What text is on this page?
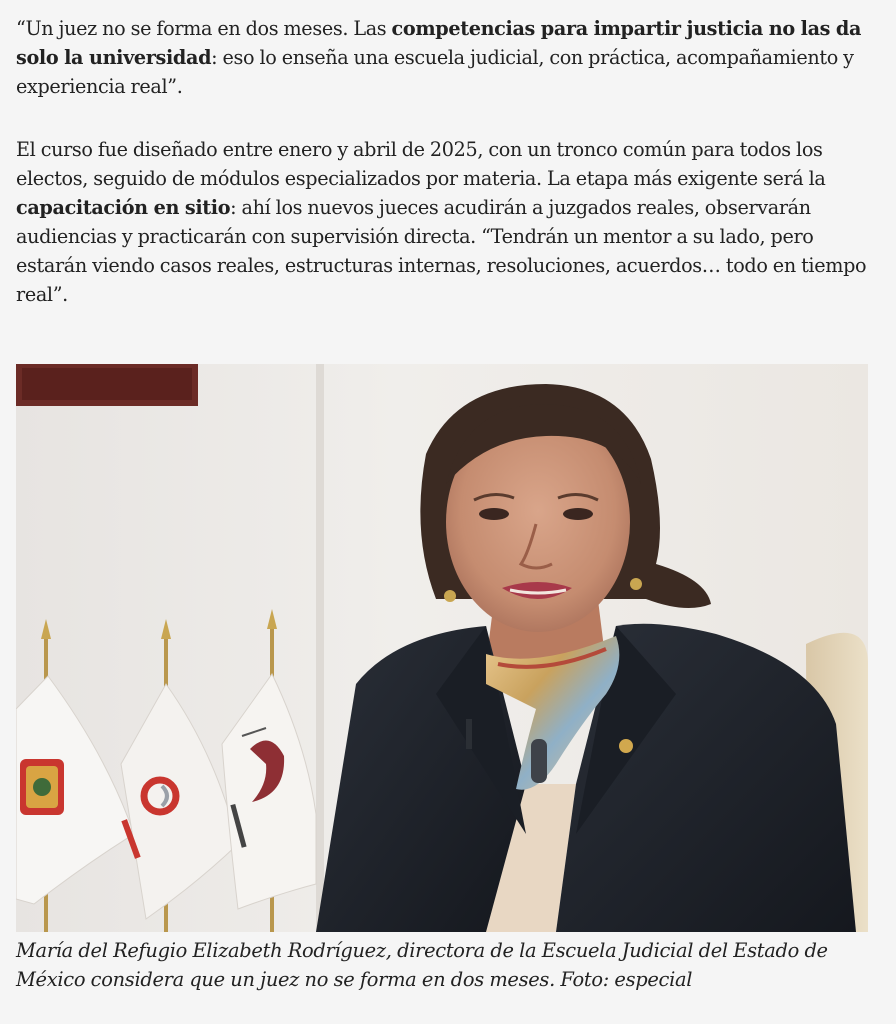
“Un juez no se forma en dos meses. Las competencias para impartir justicia no las da solo la universidad: eso lo enseña una escuela judicial, con práctica, acompañamiento y experiencia real”.

El curso fue diseñado entre enero y abril de 2025, con un tronco común para todos los electos, seguido de módulos especializados por materia. La etapa más exigente será la capacitación en sitio: ahí los nuevos jueces acudirán a juzgados reales, observarán audiencias y practicarán con supervisión directa. “Tendrán un mentor a su lado, pero estarán viendo casos reales, estructuras internas, resoluciones, acuerdos… todo en tiempo real”.

María del Refugio Elizabeth Rodríguez, directora de la Escuela Judicial del Estado de México considera que un juez no se forma en dos meses. Foto: especial
